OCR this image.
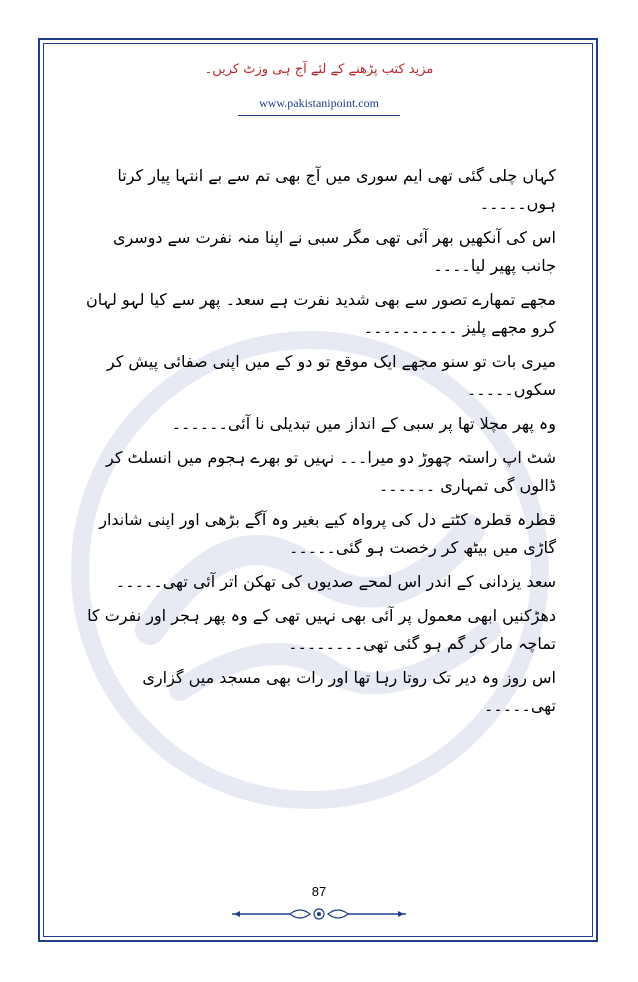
مزید کتب پڑھنے کے لئے آج ہی وزٹ کریں۔
www.pakistanipoint.com

کہاں چلی گئی تھی ایم سوری میں آج بھی تم سے بے انتہا پیار کرتا ہوں۔۔۔۔۔

اس کی آنکھیں بھر آئی تھی مگر سبی نے اپنا منہ نفرت سے دوسری جانب پھیر لیا۔۔۔۔

مجھے تمھارے تصور سے بھی شدید نفرت ہے سعد۔ پھر سے کیا لہو لہان کرو مجھے پلیز ۔۔۔۔۔۔۔۔۔۔

میری بات تو سنو مجھے ایک موقع تو دو کے میں اپنی صفائی پیش کر سکوں۔۔۔۔۔

وہ پھر مچلا تھا پر سبی کے انداز میں تبدیلی نا آئی۔۔۔۔۔۔

شٹ اپ راستہ چھوڑ دو میرا۔۔۔ نہیں تو بھرے ہجوم میں انسلٹ کر ڈالوں گی تمہاری ۔۔۔۔۔۔

قطرہ قطرہ کٹتے دل کی پرواہ کیے بغیر وہ آگے بڑھی اور اپنی شاندار گاڑی میں بیٹھ کر رخصت ہو گئی۔۔۔۔۔

سعد یزدانی کے اندر اس لمحے صدیوں کی تھکن اتر آئی تھی۔۔۔۔۔

دھڑکنیں ابھی معمول پر آئی بھی نہیں تھی کے وہ پھر ہجر اور نفرت کا تماچہ مار کر گم ہو گئی تھی۔۔۔۔۔۔۔۔

اس روز وہ دیر تک روتا رہا تھا اور رات بھی مسجد میں گزاری تھی۔۔۔۔۔

87
